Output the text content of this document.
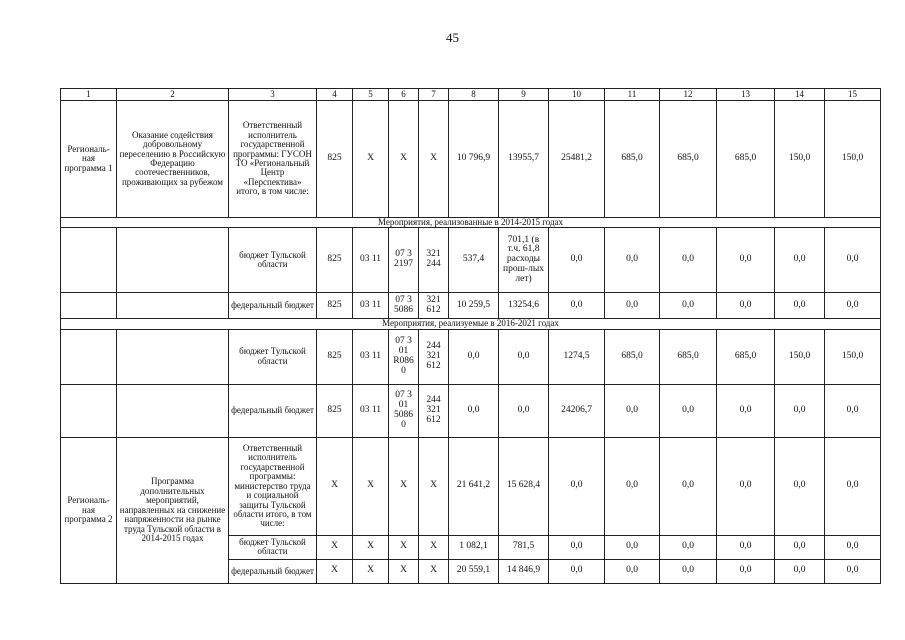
45
1	2	3	4	5	6	7	8	9	10	11	12	13	14	15
Региональ-ная программа 1	Оказание содействия добровольному переселению в Российскую Федерацию соотечественников, проживающих за рубежом	Ответственный исполнитель государственной программы: ГУСОН ТО «Региональный Центр «Перспектива» итого, в том числе:	825	Х	Х	Х	10 796,9	13955,7	25481,2	685,0	685,0	685,0	150,0	150,0
Мероприятия, реализованные в 2014-2015 годах														
		бюджет Тульской области	825	03 11	07 3 2197	321 244	537,4	701,1 (в т.ч. 61,8 расходы прош-лых лет)	0,0	0,0	0,0	0,0	0,0	0,0
		федеральный бюджет	825	03 11	07 3 5086	321 612	10 259,5	13254,6	0,0	0,0	0,0	0,0	0,0	0,0
Мероприятия, реализуемые в 2016-2021 годах														
		бюджет Тульской области	825	03 11	07 3 01 R086 0	244 321 612	0,0	0,0	1274,5	685,0	685,0	685,0	150,0	150,0
		федеральный бюджет	825	03 11	07 3 01 5086 0	244 321 612	0,0	0,0	24206,7	0,0	0,0	0,0	0,0	0,0
Региональ-ная программа 2	Программа дополнительных мероприятий, направленных на снижение напряженности на рынке труда Тульской области в 2014-2015 годах	Ответственный исполнитель государственной программы: министерство труда и социальной защиты Тульской области итого, в том числе:	Х	Х	Х	Х	21 641,2	15 628,4	0,0	0,0	0,0	0,0	0,0	0,0
		бюджет Тульской области	Х	Х	Х	Х	1 082,1	781,5	0,0	0,0	0,0	0,0	0,0	0,0
		федеральный бюджет	Х	Х	Х	Х	20 559,1	14 846,9	0,0	0,0	0,0	0,0	0,0	0,0
